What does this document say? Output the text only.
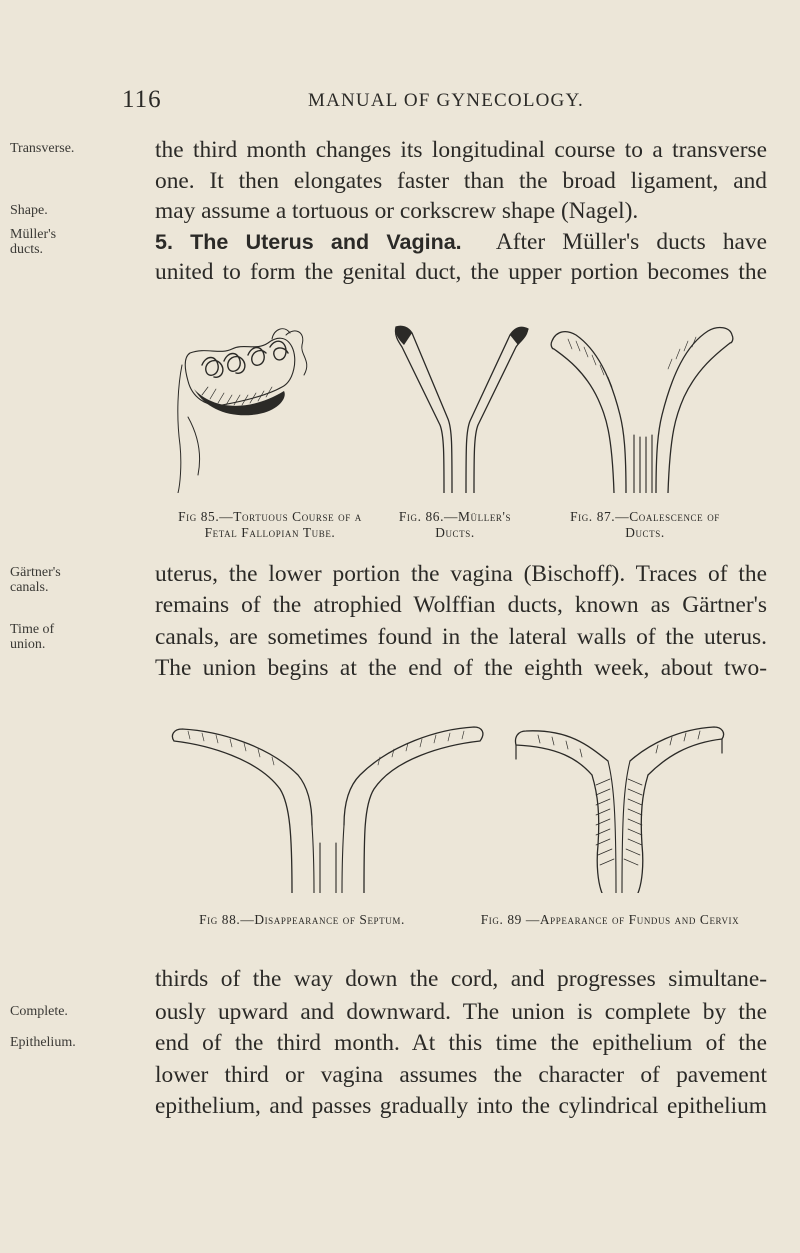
116	MANUAL OF GYNECOLOGY.
Transverse.
Shape.
Müller's
ducts.
Gärtner's
canals.
Time of
union.
Complete.
Epithelium.
the third month changes its longitudinal course to a transverse
one. It then elongates faster than the broad ligament, and
may assume a tortuous or corkscrew shape (Nagel).
5. The Uterus and Vagina. After Müller's ducts have
united to form the genital duct, the upper portion becomes the
Fig 85.—Tortuous Course of a
Fetal Fallopian Tube.
Fig. 86.—Müller's
Ducts.
Fig. 87.—Coalescence of
Ducts.
uterus, the lower portion the vagina (Bischoff). Traces of the
remains of the atrophied Wolffian ducts, known as Gärtner's
canals, are sometimes found in the lateral walls of the uterus.
The union begins at the end of the eighth week, about two-
Fig 88.—Disappearance of Septum.	Fig. 89 —Appearance of Fundus and Cervix
thirds of the way down the cord, and progresses simultane-
ously upward and downward. The union is complete by the
end of the third month. At this time the epithelium of the
lower third or vagina assumes the character of pavement
epithelium, and passes gradually into the cylindrical epithelium
